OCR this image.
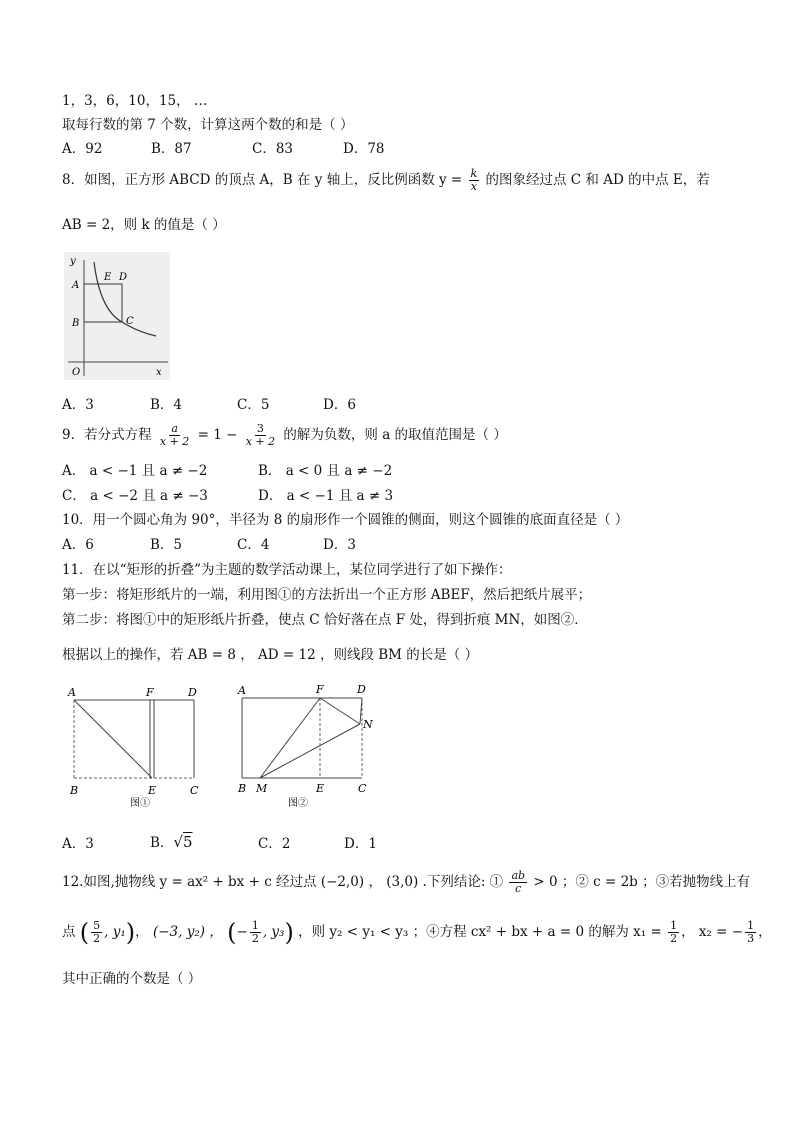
1，3，6，10，15， …
取每行数的第 7 个数，计算这两个数的和是（ ）
A．92	B．87	C．83	D．78
8．如图，正方形 ABCD 的顶点 A，B 在 y 轴上，反比例函数 $y = \frac{k}{x}$ 的图象经过点 C 和 AD 的中点 E，若
AB = 2，则 k 的值是（ ）
y
A
B
E D
C
O	x
A．3	B．4	C．5	D．6
9．若分式方程 $\frac{a}{x + 2} = 1 - \frac{3}{x + 2}$ 的解为负数，则 a 的取值范围是（ ）
A． a < −1 且 a ≠ −2	B． a < 0 且 a ≠ −2
C． a < −2 且 a ≠ −3	D． a < −1 且 a ≠ 3
10．用一个圆心角为 90°，半径为 8 的扇形作一个圆锥的侧面，则这个圆锥的底面直径是（ ）
A．6	B．5	C．4	D．3
11．在以“矩形的折叠”为主题的数学活动课上，某位同学进行了如下操作：
第一步：将矩形纸片的一端，利用图①的方法折出一个正方形 ABEF，然后把纸片展平；
第二步：将图①中的矩形纸片折叠，使点 C 恰好落在点 F 处，得到折痕 MN，如图②．
根据以上的操作，若 AB = 8 ， AD = 12 ，则线段 BM 的长是（ ）
A	F	D
B	E	C
图①
A	F	D
N
B M	E	C
图②
A．3	B．√5	C．2	D．1
12.如图,抛物线 y = ax² + bx + c 经过点 (−2,0) ， (3,0) .下列结论: ① $\frac{ab}{c} > 0$ ；② c = 2b ；③若抛物线上有
点 ( $\frac{5}{2}$ , y₁)， (−3, y₂) ， (− $\frac{1}{2}$ , y₃) ，则 y₂ < y₁ < y₃ ；④方程 cx² + bx + a = 0 的解为 $x_1 = \frac{1}{2}$ ， x₂ = − $\frac{1}{3}$ ，
其中正确的个数是（ ）
